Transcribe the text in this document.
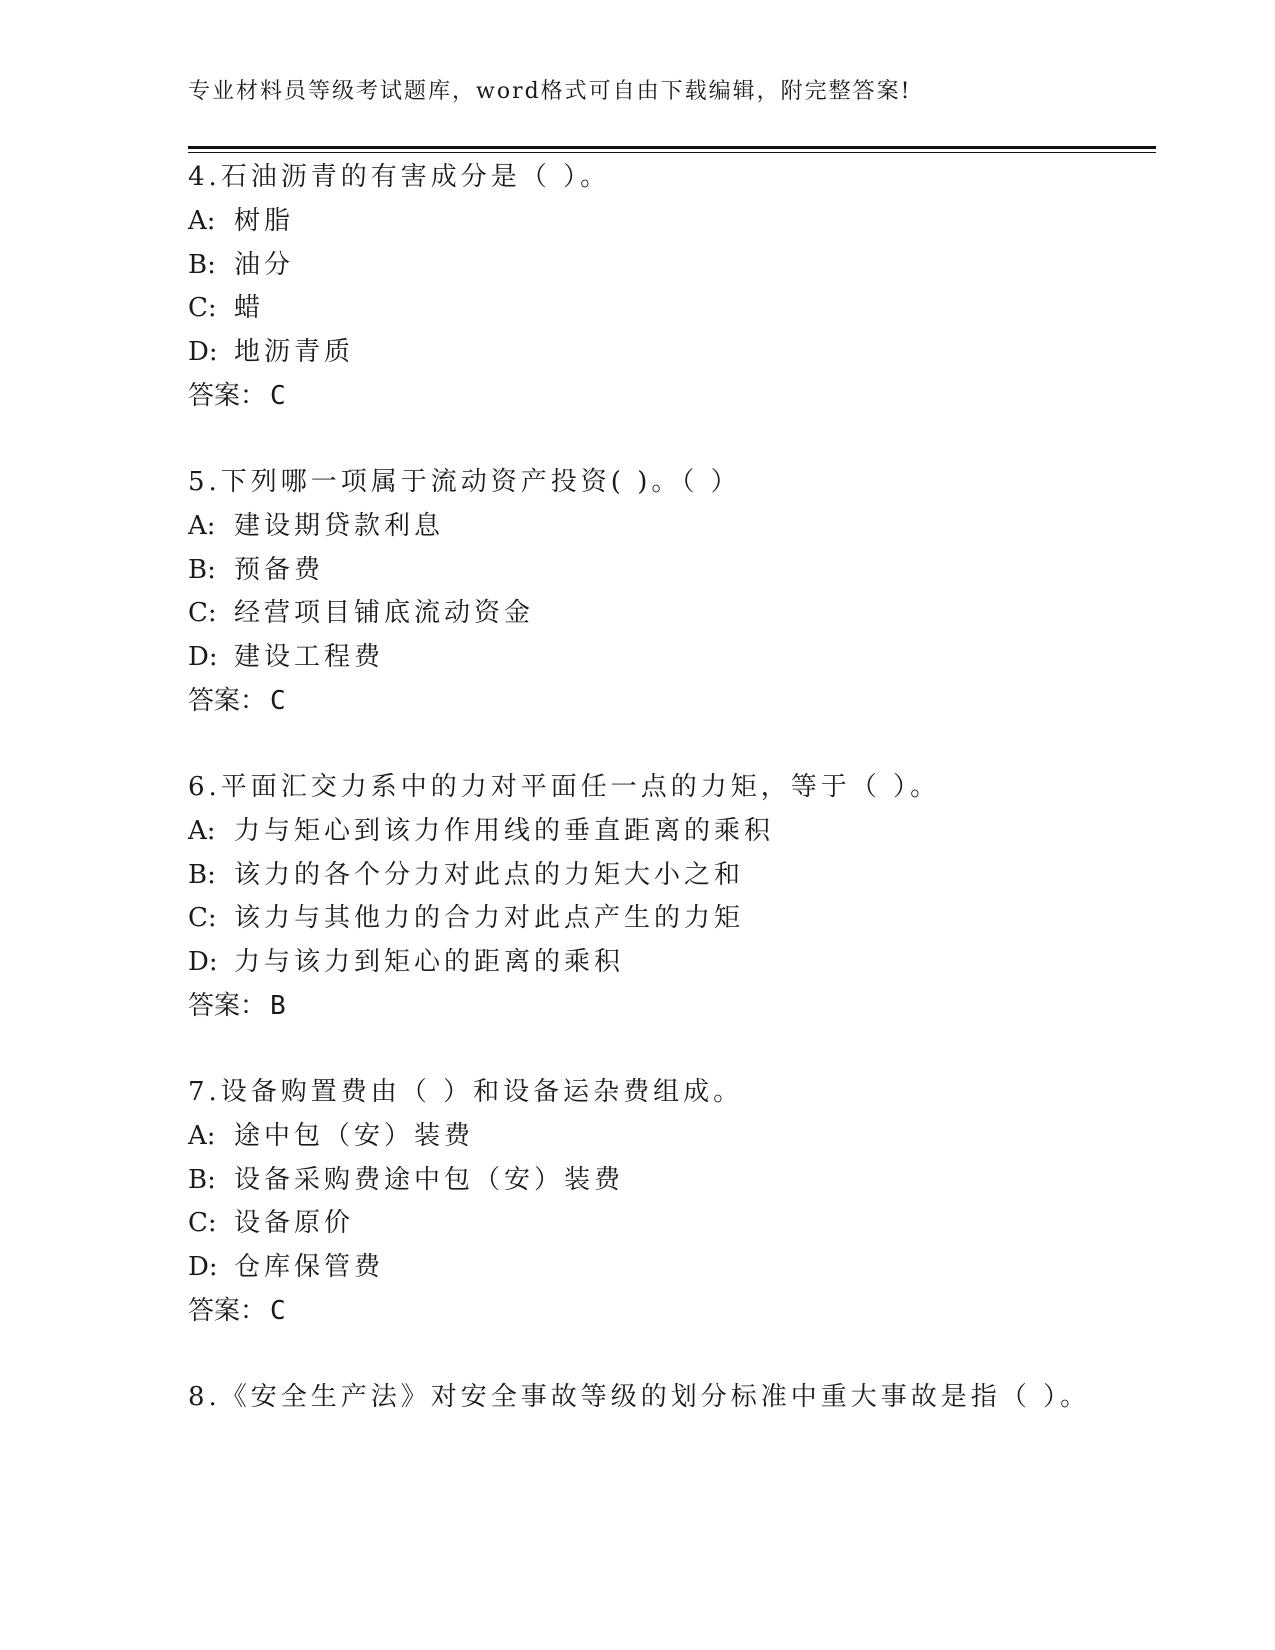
专业材料员等级考试题库，word格式可自由下载编辑，附完整答案!
4.石油沥青的有害成分是（ ）。
A: 树脂
B: 油分
C: 蜡
D: 地沥青质
答案： C
5.下列哪一项属于流动资产投资( )。（ ）
A: 建设期贷款利息
B: 预备费
C: 经营项目铺底流动资金
D: 建设工程费
答案： C
6.平面汇交力系中的力对平面任一点的力矩，等于（ ）。
A: 力与矩心到该力作用线的垂直距离的乘积
B: 该力的各个分力对此点的力矩大小之和
C: 该力与其他力的合力对此点产生的力矩
D: 力与该力到矩心的距离的乘积
答案： B
7.设备购置费由（ ）和设备运杂费组成。
A: 途中包（安）装费
B: 设备采购费途中包（安）装费
C: 设备原价
D: 仓库保管费
答案： C
8.《安全生产法》对安全事故等级的划分标准中重大事故是指（ ）。
